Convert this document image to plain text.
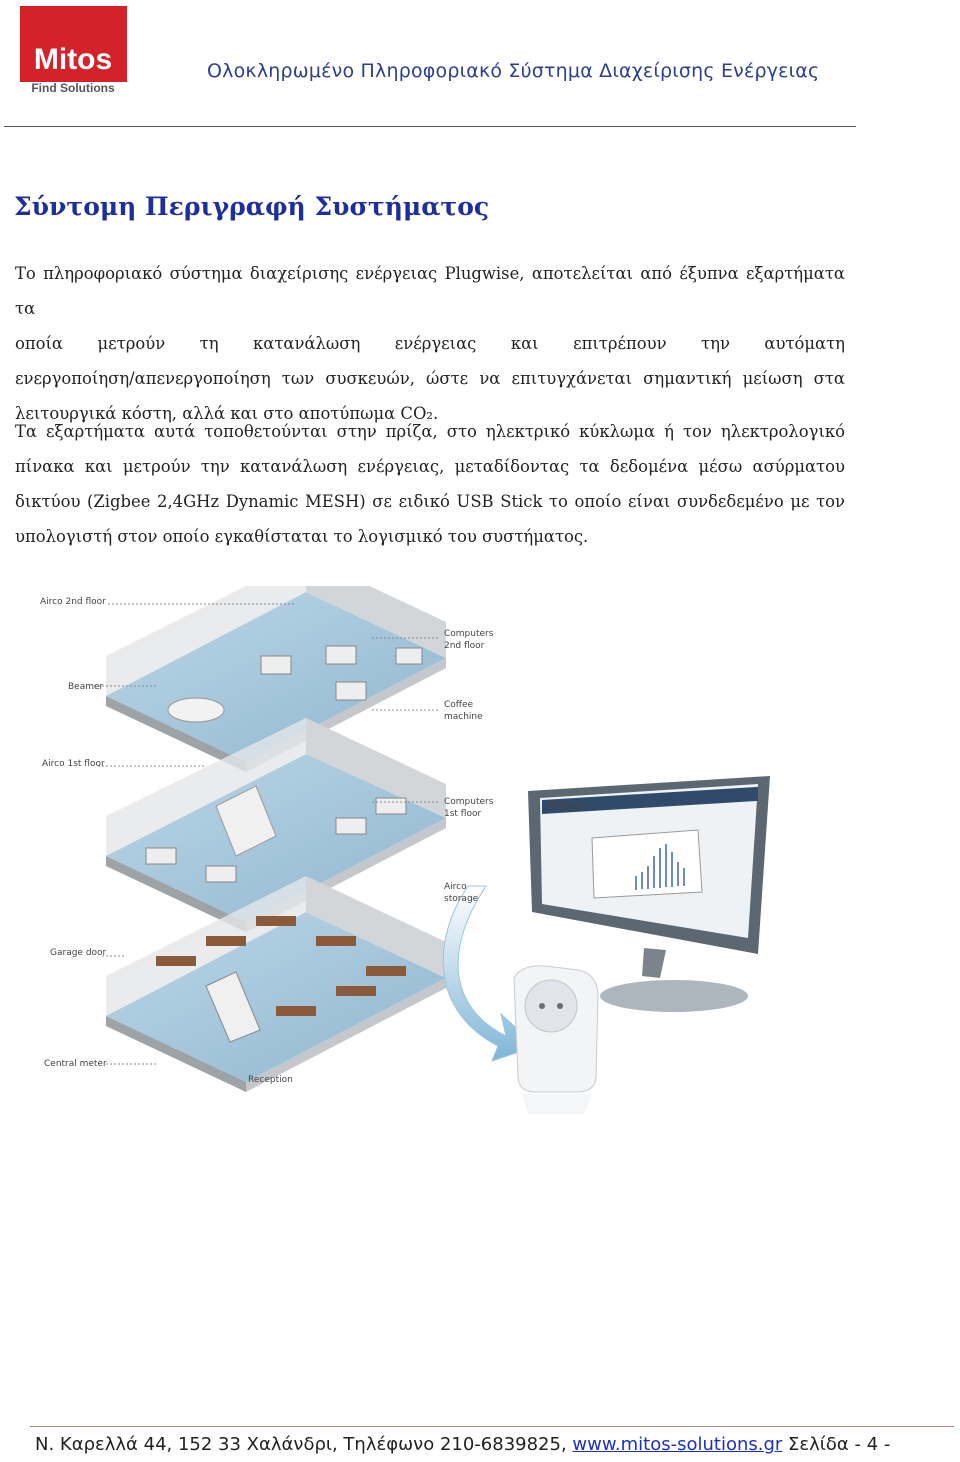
Mitos
Find Solutions
Ολοκληρωμένο Πληροφοριακό Σύστημα Διαχείρισης Ενέργειας
Σύντομη Περιγραφή Συστήματος
Το πληροφοριακό σύστημα διαχείρισης ενέργειας Plugwise, αποτελείται από έξυπνα εξαρτήματα τα
οποία μετρούν τη κατανάλωση ενέργειας και επιτρέπουν την αυτόματη
ενεργοποίηση/απενεργοποίηση των συσκευών, ώστε να επιτυγχάνεται σημαντική μείωση στα
λειτουργικά κόστη, αλλά και στο αποτύπωμα CO₂.
Τα εξαρτήματα αυτά τοποθετούνται στην πρίζα, στο ηλεκτρικό κύκλωμα ή τον ηλεκτρολογικό
πίνακα και μετρούν την κατανάλωση ενέργειας, μεταδίδοντας τα δεδομένα μέσω ασύρματου
δικτύου (Zigbee 2,4GHz Dynamic MESH) σε ειδικό USB Stick το οποίο είναι συνδεδεμένο με τον
υπολογιστή στον οποίο εγκαθίσταται το λογισμικό του συστήματος.
Plugwise
Airco 2nd floor
Beamer
Computers
2nd floor
Coffee
machine
Airco 1st floor
Computers
1st floor
Airco
storage
Garage door
Central meter
Reception
Ν. Καρελλά 44, 152 33 Χαλάνδρι, Τηλέφωνο 210-6839825, www.mitos-solutions.gr Σελίδα - 4 -
